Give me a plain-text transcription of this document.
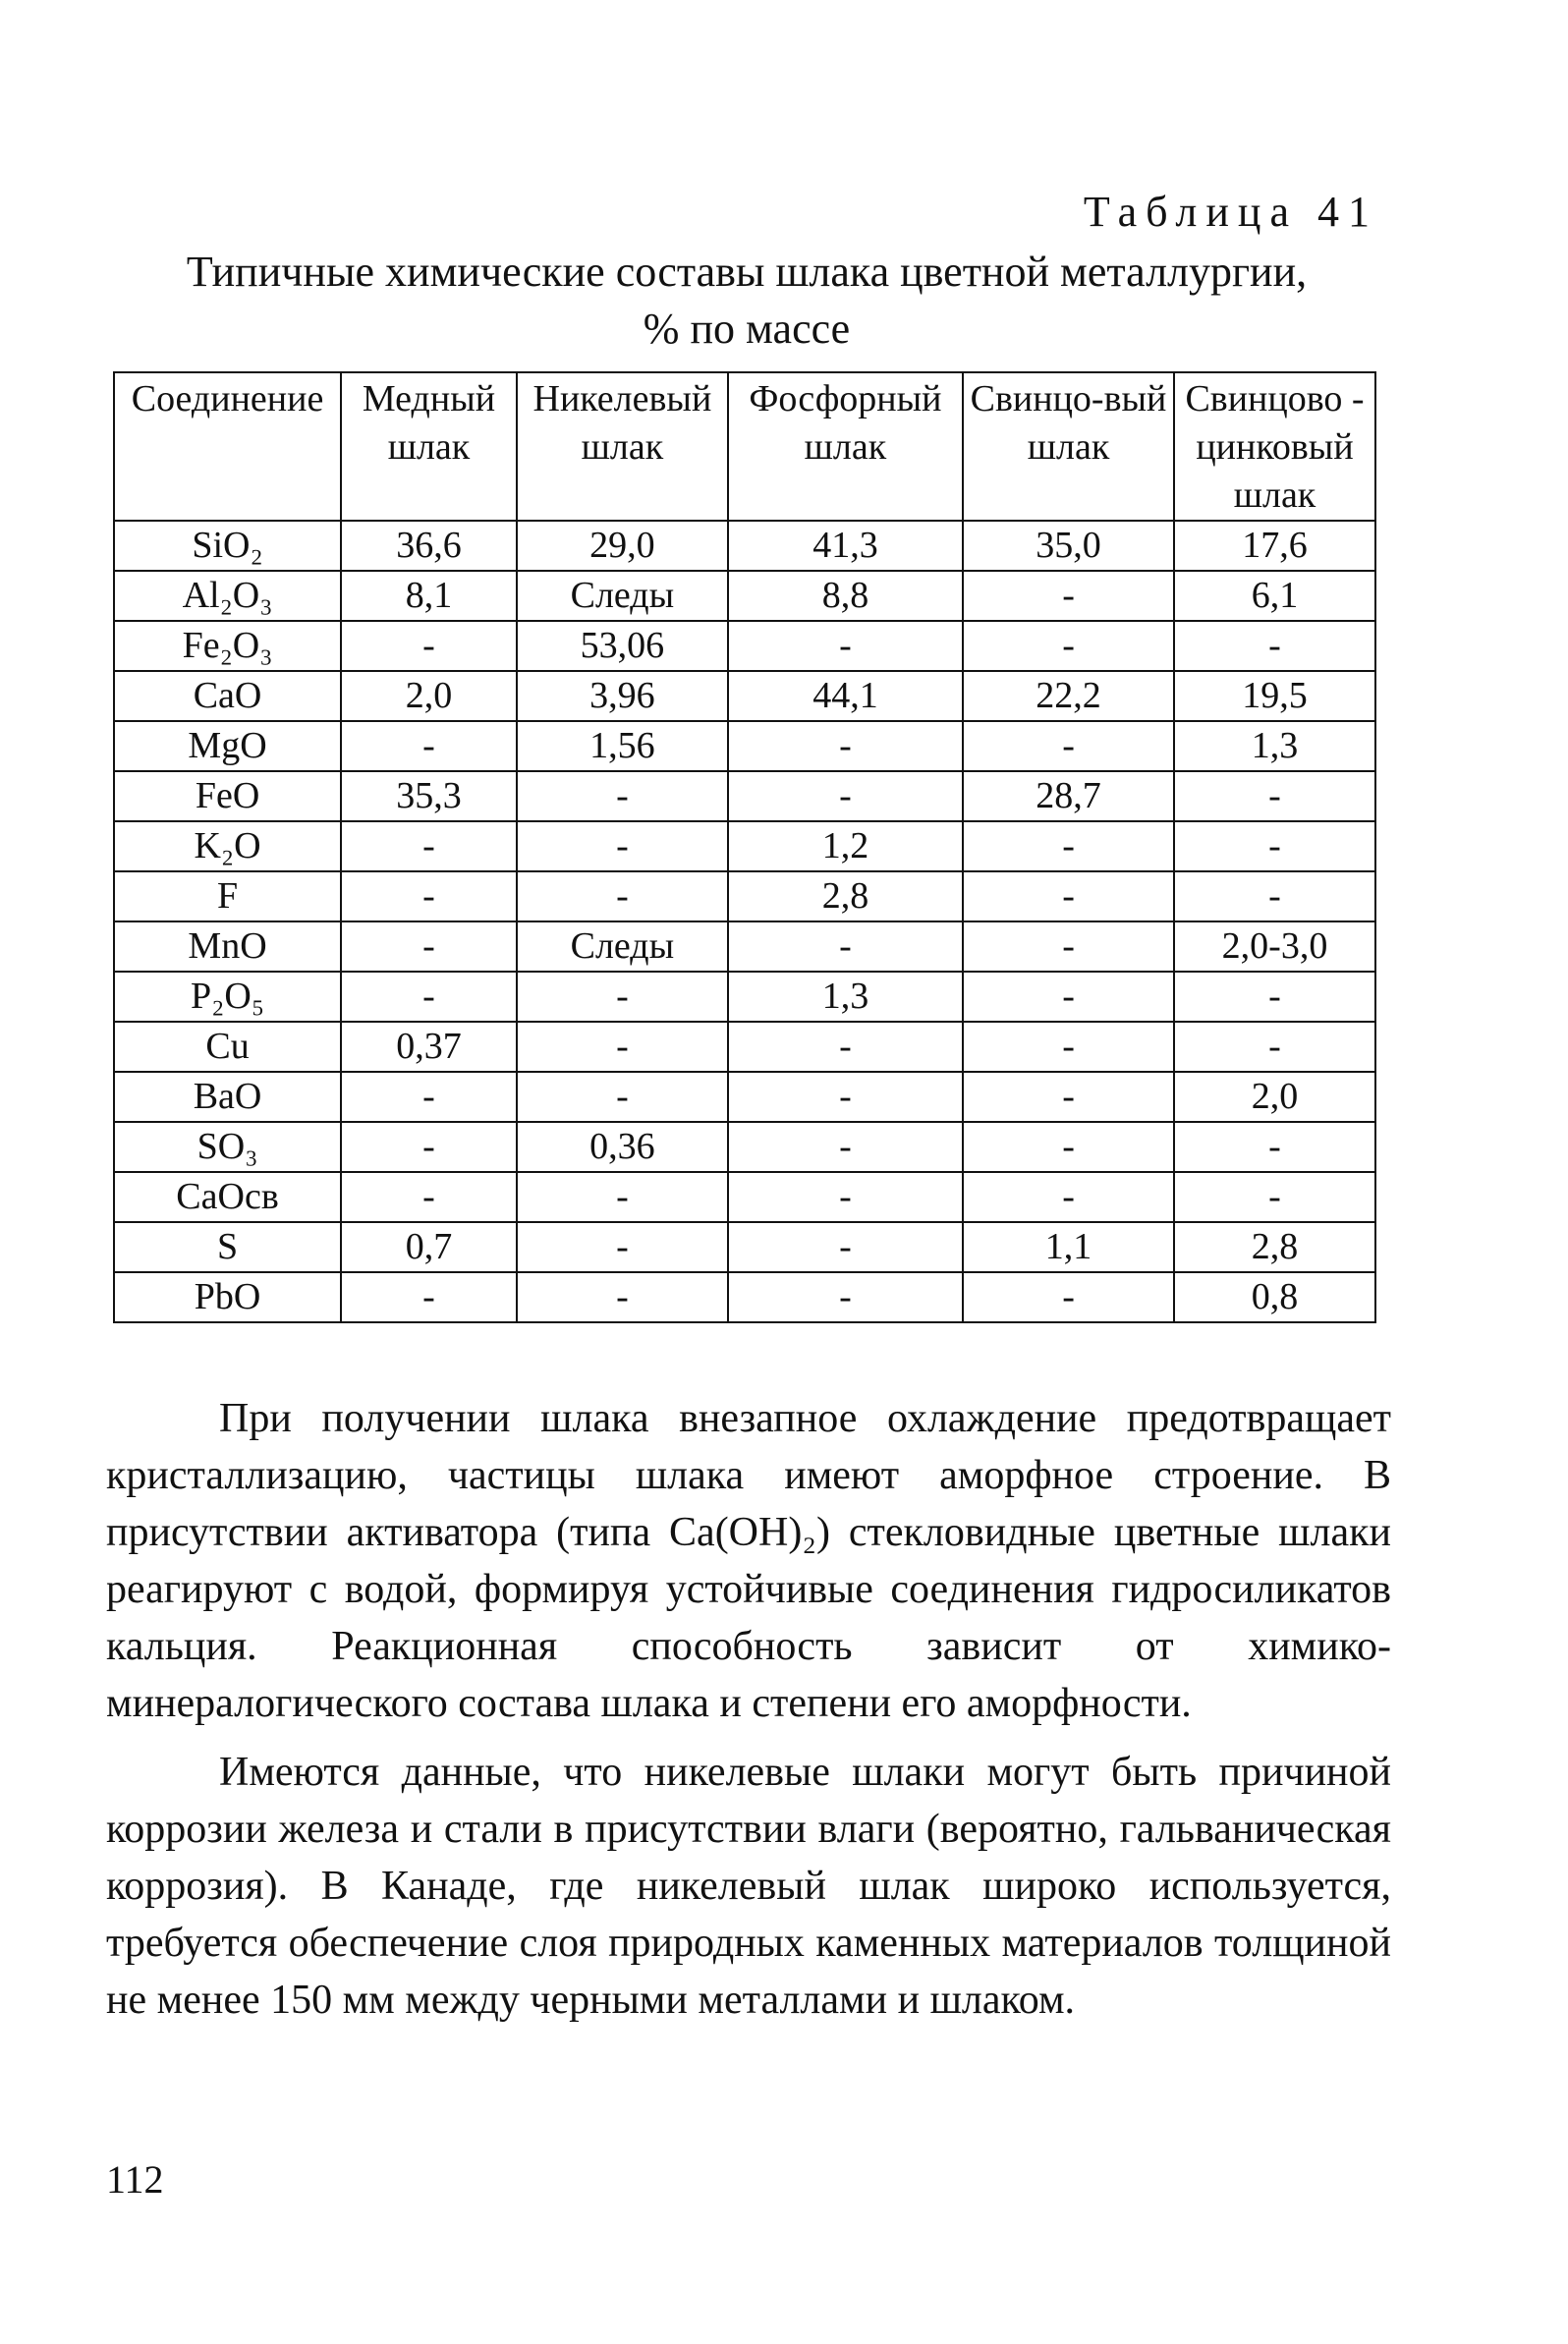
Таблица 41
Типичные химические составы шлака цветной металлургии,
% по массе
Соединение	Медный шлак	Никелевый шлак	Фосфорный шлак	Свинцо-вый шлак	Свинцово - цинковый шлак
SiO₂	36,6	29,0	41,3	35,0	17,6
Al₂O₃	8,1	Следы	8,8	-	6,1
Fe₂O₃	-	53,06	-	-	-
CaO	2,0	3,96	44,1	22,2	19,5
MgO	-	1,56	-	-	1,3
FeO	35,3	-	-	28,7	-
K₂O	-	-	1,2	-	-
F	-	-	2,8	-	-
MnO	-	Следы	-	-	2,0-3,0
P₂O₅	-	-	1,3	-	-
Cu	0,37	-	-	-	-
BaO	-	-	-	-	2,0
SO₃	-	0,36	-	-	-
CaOсв	-	-	-	-	-
S	0,7	-	-	1,1	2,8
PbO	-	-	-	-	0,8

При получении шлака внезапное охлаждение предотвращает кристаллизацию, частицы шлака имеют аморфное строение. В присутствии активатора (типа Ca(OH)₂) стекловидные цветные шлаки реагируют с водой, формируя устойчивые соединения гидросиликатов кальция. Реакционная способность зависит от химико-минералогического состава шлака и степени его аморфности.

Имеются данные, что никелевые шлаки могут быть причиной коррозии железа и стали в присутствии влаги (вероятно, гальваническая коррозия). В Канаде, где никелевый шлак широко используется, требуется обеспечение слоя природных каменных материалов толщиной не менее 150 мм между черными металлами и шлаком.

112
